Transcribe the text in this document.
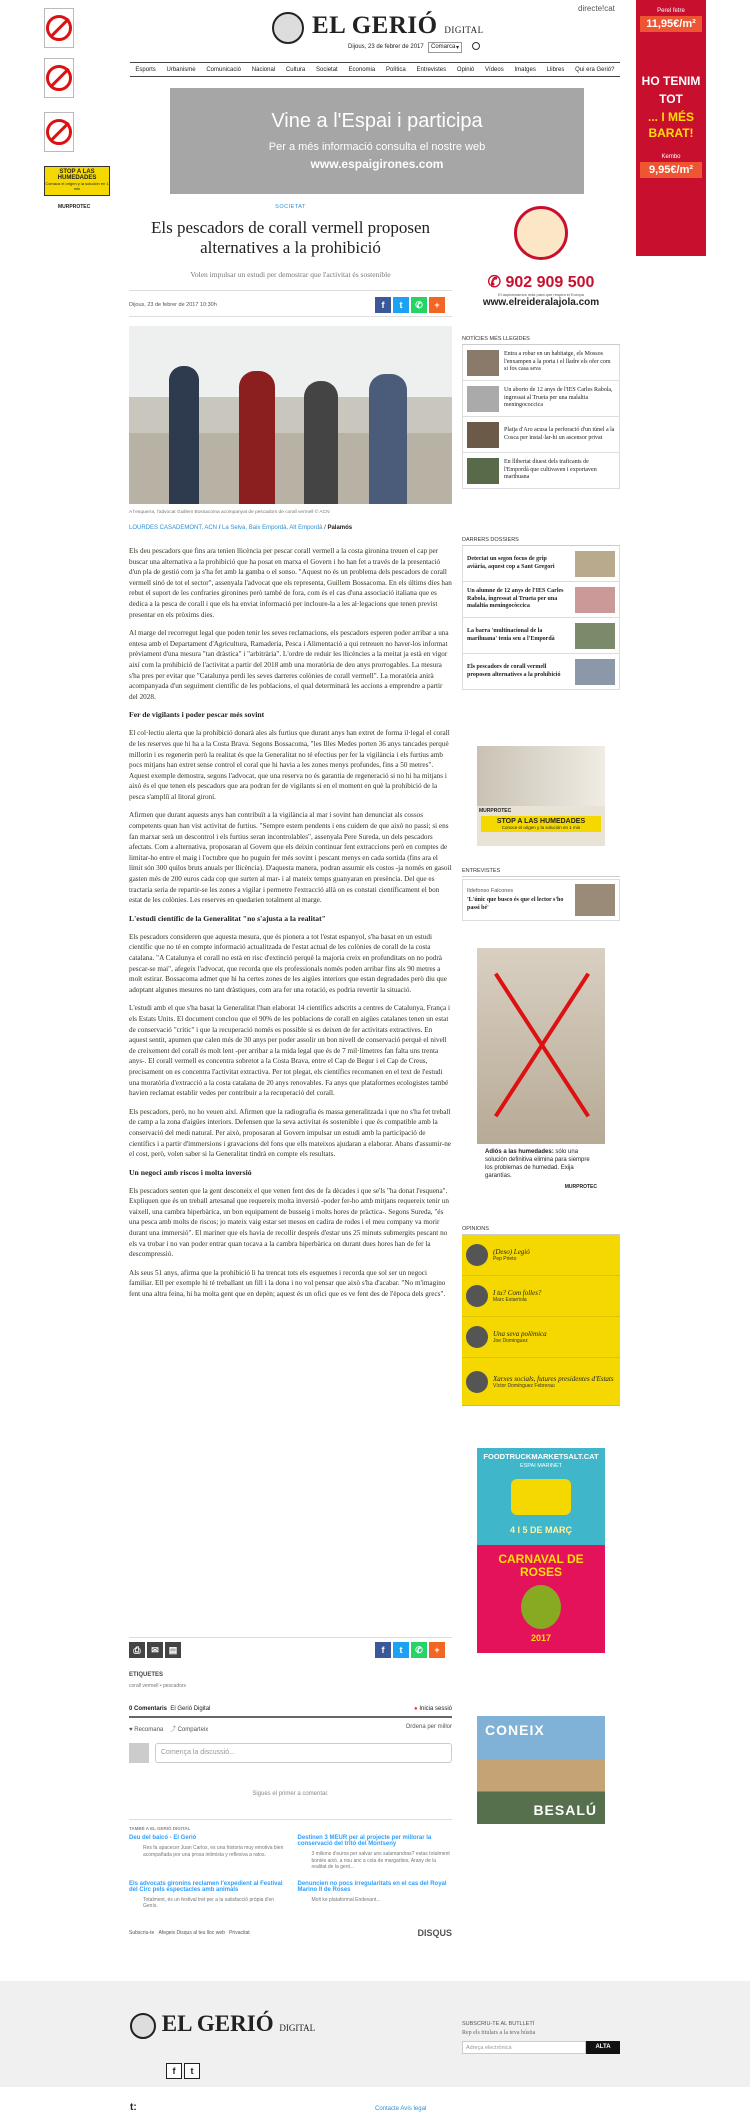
STOP A LAS HUMEDADES
Comaca el origen y la solución en 1 min
MURPROTEC
Perel fetre
11,95€/m²
HO TENIM
TOT
... I MÉS
BARAT!
Kembo
9,95€/m²
EL GERIÓ DIGITAL
Dijous, 23 de febrer de 2017 Comarca ▾
directe!cat
Esports Urbanisme Comunicació Nacional Cultura Societat Economia Política Entrevistes Opinió Vídeos Imatges Llibres Qui era Gerió?
Vine a l'Espai i participa
Per a més informació consulta el nostre web
www.espaigirones.com
SOCIETAT
Els pescadors de corall vermell proposen alternatives a la prohibició
Volen impulsar un estudi per demostrar que l'activitat és sostenible
Dijous, 23 de febrer de 2017 10:30h	f	t	✆	+
A l'esquerra, l'advocat Guillem Bossacoma acompanyat de pescadors de corall vermell © ACN
LOURDES CASADEMONT, ACN / La Selva, Baix Empordà, Alt Empordà / Palamós

Els deu pescadors que fins ara tenien llicència per pescar corall vermell a la costa gironina treuen el cap per buscar una alternativa a la prohibició que ha posat en marxa el Govern i ho han fet a través de la presentació d'un pla de gestió com ja s'ha fet amb la gamba o el sonso. "Aquest no és un problema dels pescadors de corall vermell sinó de tot el sector", assenyala l'advocat que els representa, Guillem Bossacoma. En els últims dies han rebut el suport de les confraries gironines però també de fora, com és el cas d'una associació italiana que es dedica a la pesca de corall i que els ha enviat informació per incloure-la a les al·legacions que tenen previst presentar en els pròxims dies.

Al marge del recorregut legal que poden tenir les seves reclamacions, els pescadors esperen poder arribar a una entesa amb el Departament d'Agricultura, Ramaderia, Pesca i Alimentació a qui retreuen no haver-los informat prèviament d'una mesura "tan dràstica" i "arbitrària". L'ordre de reduir les llicències a la meitat ja està en vigor així com la prohibició de l'activitat a partir del 2018 amb una moratòria de deu anys prorrogables. La mesura s'ha pres per evitar que "Catalunya perdi les seves darreres colònies de corall vermell". La moratòria anirà acompanyada d'un seguiment científic de les poblacions, el qual determinarà les accions a emprendre a partir del 2028.

Fer de vigilants i poder pescar més sovint

El col·lectiu alerta que la prohibició donarà ales als furtius que durant anys han extret de forma il·legal el corall de les reserves que hi ha a la Costa Brava. Segons Bossacoma, "les Illes Medes porten 36 anys tancades perquè millorin i es regenerin però la realitat és que la Generalitat no té efectius per fer la vigilància i els furtius amb pocs mitjans han extret sense control el coral que hi havia a les zones menys profundes, fins a 50 metres". Aquest exemple demostra, segons l'advocat, que una reserva no és garantia de regeneració si no hi ha mitjans i això és el que tenen els pescadors que ara podran fer de vigilants si en el moment en què la prohibició de la pesca s'ampliï al litoral gironí.

Afirmen que durant aquests anys han contribuït a la vigilància al mar i sovint han denunciat als cossos competents quan han vist activitat de furtius. "Sempre estem pendents i ens cuidem de que això no passi; si ens fan marxar serà un descontrol i els furtius seran incontrolables", assenyala Pere Sureda, un dels pescadors afectats. Com a alternativa, proposaran al Govern que els deixin continuar fent extraccions però en comptes de limitar-ho entre el maig i l'octubre que ho puguin fer més sovint i pescant menys en cada sortida (fins ara el límit són 300 quilos bruts anuals per llicència). D'aquesta manera, podran assumir els costos -ja només en gasoil gasten més de 200 euros cada cop que surten al mar- i al mateix temps guanyaran en presència. Del que es tractaria seria de repartir-se les zones a vigilar i permetre l'extracció allà on es constati científicament el bon estat de les colònies. Les reserves en quedarien totalment al marge.

L'estudi científic de la Generalitat "no s'ajusta a la realitat"

Els pescadors consideren que aquesta mesura, que és pionera a tot l'estat espanyol, s'ha basat en un estudi científic que no té en compte informació actualitzada de l'estat actual de les colònies de corall de la costa catalana. "A Catalunya el corall no està en risc d'extinció perquè la majoria creix en profunditats on no podrà pescar-se mai", afegeix l'advocat, que recorda que els professionals només poden arribar fins als 90 metres a molt estirar. Bossacoma admet que hi ha certes zones de les aigües interiors que estan degradades però diu que adoptant algunes mesures no tant dràstiques, com ara fer una rotació, es podria revertir la situació.

L'estudi amb el que s'ha basat la Generalitat l'han elaborat 14 científics adscrits a centres de Catalunya, França i els Estats Units. El document conclou que el 90% de les poblacions de corall en aigües catalanes tenen un estat de conservació "crític" i que la recuperació només es possible si es deixen de fer activitats extractives. En aquest sentit, apunten que calen més de 30 anys per poder assolir un bon nivell de conservació perquè el nivell de creixement del corall és molt lent -per arribar a la mida legal que és de 7 mil·límetres fan falta uns trenta anys-. El corall vermell es concentra sobretot a la Costa Brava, entre el Cap de Begur i el Cap de Creus, precisament on es concentra l'activitat extractiva. Per tot plegat, els científics recomanen en el text de l'estudi una moratòria d'extracció a la costa catalana de 20 anys renovables. Fa anys que plataformes ecologistes també havien reclamat establir vedes per contribuir a la recuperació del corall.

Els pescadors, però, no ho veuen així. Afirmen que la radiografia és massa generalitzada i que no s'ha fet treball de camp a la zona d'aigües interiors. Defensen que la seva activitat és sostenible i que és compatible amb la conservació del medi natural. Per això, proposaran al Govern impulsar un estudi amb la participació de científics i a partir d'immersions i gravacions del fons que ells mateixos ajudaran a elaborar. Abans d'assumir-ne el cost, però, volen saber si la Generalitat tindrà en compte els resultats.

Un negoci amb riscos i molta inversió

Els pescadors senten que la gent desconeix el que venen fent des de fa dècades i que se'ls "ha donat l'esquena". Expliquen que és un treball artesanal que requereix molta inversió -poder fer-ho amb mitjans requereix tenir un vaixell, una cambra hiperbàrica, un bon equipament de busseig i molts hores de pràctica-. Segons Sureda, "és una pesca amb molts de riscos; jo mateix vaig estar set mesos en cadira de rodes i el meu company va morir durant una immersió". El mariner que els havia de recollir després d'estar uns 25 minuts submergits pescant no els va trobar i no van poder entrar quan tocava a la cambra hiperbàrica on durant dues hores han de fer la descompressió.

Als seus 51 anys, afirma que la prohibició li ha trencat tots els esquemes i recorda que sol ser un negoci familiar. Ell per exemple hi té treballant un fill i la dona i no vol pensar que això s'ha d'acabar. "No m'imagino fent una altra feina, hi ha molta gent que en depèn; aquest és un ofici que es ve fent des de l'època dels grecs".

⎙	✉	▤	f	t	✆	+
ETIQUETES
corall vermell • pescadors
0 Comentaris El Gerió Digital	● Inicia sessió
♥ Recomana ⤴ Comparteix	Ordena per millor
Comença la discussió...
Sigues el primer a comentar.
TAMBÉ A EL GERIÓ DIGITAL
Deu del balcó - El Gerió
Res fa apacecer Juan Carlos, es una historia muy emotiva bien acompañada por una prosa intimista y reflexiva a ratos.
Destinen 3 MEUR per al projecte per millorar la conservació del tritó del Montseny
3 milions d'euros per salvar uns salamandras? estas totalment boniés això, a nou anc a cola de margarites, Arany de la realitat de la gent...
Els advocats gironins reclamen l'expedient al Festival del Circ pels espectacles amb animals
Totalment, és un festival tret per a la satisfacció pròpia d'en Genís.
Denuncien no pocs irregularitats en el cas del Royal Marino II de Roses
Molt ke plataformal Endevant...
Subscriu-te Afegeix Disqus al teu lloc web Privacitat	DISQUS
✆ 902 909 500
El aspiramamos más para que respira el Europa
www.elreideralajola.com
NOTÍCIES MÉS LLEGIDES
Entra a robar en un habitatge, els Mossos l'enxampen a la porta i el lladre els ofer com si fos casa seva
Un aborto de 12 anys de l'IES Carles Rabola, ingressat al Trueta per una malaltia meningococcica
Platja d'Aro acusa la perforació d'un túnel a la Cosca per instal·lar-hi un ascensor privat
En llibertat diuest dels traficants de l'Empordà que cultivaven i exportaven marihuana
DARRERS DOSSIERS
Detectat un segon focus de grip aviària, aquest cop a Sant Gregori
Un alumne de 12 anys de l'IES Carles Rabola, ingressat al Trueta per una malaltia meningocòccica
La barra 'multinacional de la marihuana' tenia seu a l'Empordà
Els pescadors de corall vermell proposen alternatives a la prohibició
MURPROTEC
STOP A LAS HUMEDADES
Conoce el origen y la solución en 1 min
ENTREVISTES
Ildefonso Falcones
'L'únic que busco és que el lector s'ho passi bé'
Adiós a las humedades: sólo una solución definitiva elimina para siempre los problemas de humedad. Exija garantías.
MURPROTEC
OPINIONS
(Deso) Legió
Pep Prieto
I tu? Com folles?
Marc Estarriola
Una seva polèmica
Joe Dominguez
Xarxes socials, futures presidentes d'Estats
Víctor Domínguez Febrerau
FOODTRUCKMARKETSALT.CAT
ESPAI MARINET
4 I 5 DE MARÇ
CARNAVAL DE ROSES
2017
CONEIX
BESALÚ
EL GERIÓ DIGITAL
f	t
SUBSCRIU-TE AL BUTLLETÍ
Rep els titulars a la teva bústia
Adreça electrònica	ALTA
t:	Contacte Avís legal
